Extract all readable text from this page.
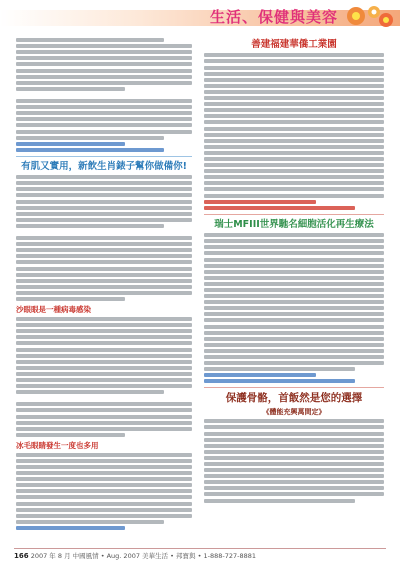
生活、保健與美容
有肌又實用，新飲生肖錶子幫你做備你!
沙眼眼是一種病毒感染
冰毛眼睛發生一度也多用
善建福建華僑工業園
瑞士MFIII世界馳名細胞活化再生療法
保護骨骼，首飯然是您的選擇
《體能充興萬間定》
166 2007 年 8 月 中國風情 • Aug. 2007 美華生活 • 邦寶與 • 1-888-727-8881
